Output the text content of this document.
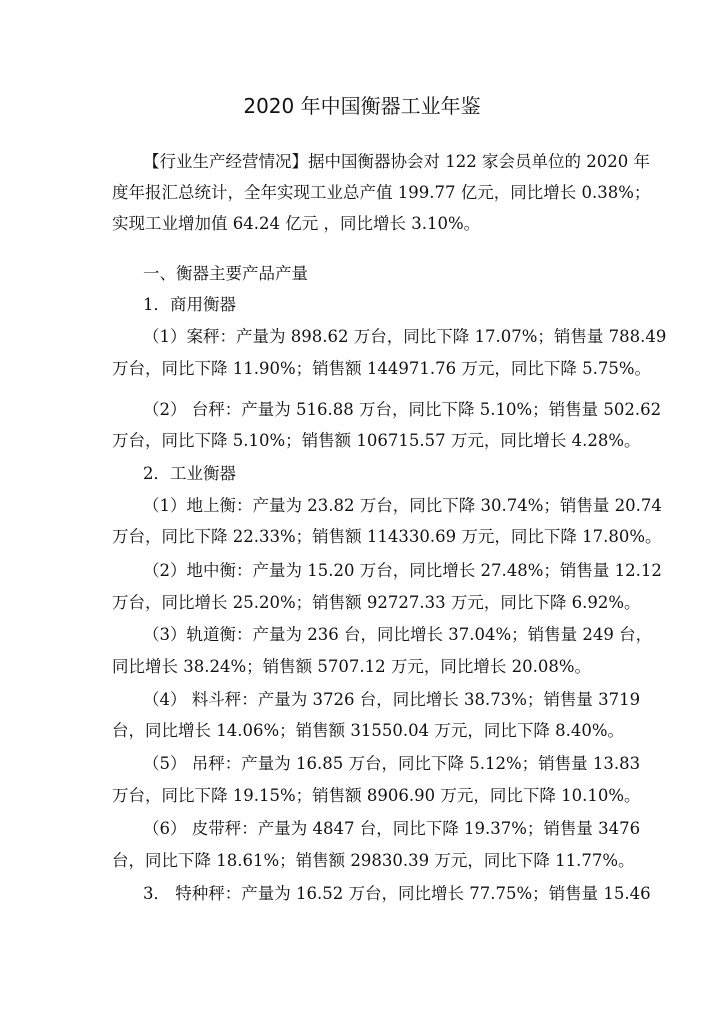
2020 年中国衡器工业年鉴
【行业生产经营情况】据中国衡器协会对 122 家会员单位的 2020 年
度年报汇总统计，全年实现工业总产值 199.77 亿元，同比增长 0.38%；
实现工业增加值 64.24 亿元 ，同比增长 3.10%。
一、衡器主要产品产量
1．商用衡器
（1）案秤：产量为 898.62 万台，同比下降 17.07%；销售量 788.49
万台，同比下降 11.90%；销售额 144971.76 万元，同比下降 5.75%。
（2） 台秤：产量为 516.88 万台，同比下降 5.10%；销售量 502.62
万台，同比下降 5.10%；销售额 106715.57 万元，同比增长 4.28%。
2．工业衡器
（1）地上衡：产量为 23.82 万台，同比下降 30.74%；销售量 20.74
万台，同比下降 22.33%；销售额 114330.69 万元，同比下降 17.80%。
（2）地中衡：产量为 15.20 万台，同比增长 27.48%；销售量 12.12
万台，同比增长 25.20%；销售额 92727.33 万元，同比下降 6.92%。
（3）轨道衡：产量为 236 台，同比增长 37.04%；销售量 249 台，
同比增长 38.24%；销售额 5707.12 万元，同比增长 20.08%。
（4） 料斗秤：产量为 3726 台，同比增长 38.73%；销售量 3719
台，同比增长 14.06%；销售额 31550.04 万元，同比下降 8.40%。
（5） 吊秤：产量为 16.85 万台，同比下降 5.12%；销售量 13.83
万台，同比下降 19.15%；销售额 8906.90 万元，同比下降 10.10%。
（6） 皮带秤：产量为 4847 台，同比下降 19.37%；销售量 3476
台，同比下降 18.61%；销售额 29830.39 万元，同比下降 11.77%。
3． 特种秤：产量为 16.52 万台，同比增长 77.75%；销售量 15.46
